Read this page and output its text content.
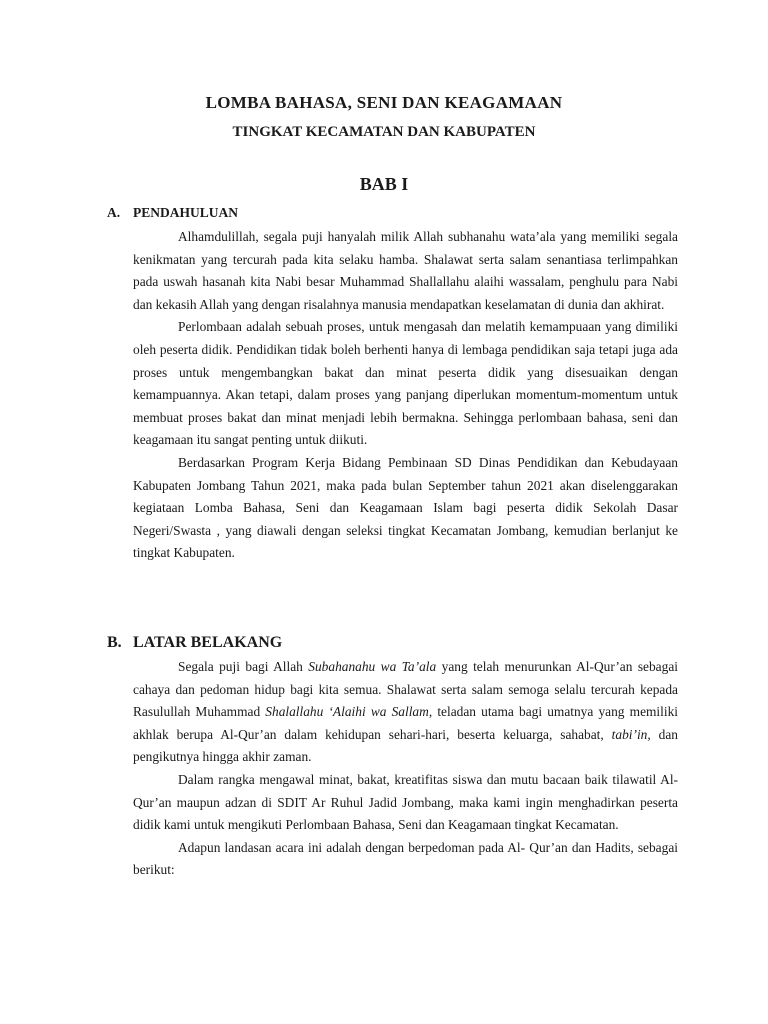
LOMBA BAHASA, SENI DAN KEAGAMAAN
TINGKAT KECAMATAN DAN KABUPATEN
BAB I
A. PENDAHULUAN

Alhamdulillah, segala puji hanyalah milik Allah subhanahu wata’ala yang memiliki segala kenikmatan yang tercurah pada kita selaku hamba. Shalawat serta salam senantiasa terlimpahkan pada uswah hasanah kita Nabi besar Muhammad Shallallahu alaihi wassalam, penghulu para Nabi dan kekasih Allah yang dengan risalahnya manusia mendapatkan keselamatan di dunia dan akhirat.

Perlombaan adalah sebuah proses, untuk mengasah dan melatih kemampuaan yang dimiliki oleh peserta didik. Pendidikan tidak boleh berhenti hanya di lembaga pendidikan saja tetapi juga ada proses untuk mengembangkan bakat dan minat peserta didik yang disesuaikan dengan kemampuannya. Akan tetapi, dalam proses yang panjang diperlukan momentum-momentum untuk membuat proses bakat dan minat menjadi lebih bermakna. Sehingga perlombaan bahasa, seni dan keagamaan itu sangat penting untuk diikuti.

Berdasarkan Program Kerja Bidang Pembinaan SD Dinas Pendidikan dan Kebudayaan Kabupaten Jombang Tahun 2021, maka pada bulan September tahun 2021 akan diselenggarakan kegiataan Lomba Bahasa, Seni dan Keagamaan Islam bagi peserta didik Sekolah Dasar Negeri/Swasta , yang diawali dengan seleksi tingkat Kecamatan Jombang, kemudian berlanjut ke tingkat Kabupaten.

B. LATAR BELAKANG

Segala puji bagi Allah Subahanahu wa Ta’ala yang telah menurunkan Al-Qur’an sebagai cahaya dan pedoman hidup bagi kita semua. Shalawat serta salam semoga selalu tercurah kepada Rasulullah Muhammad Shalallahu ‘Alaihi wa Sallam, teladan utama bagi umatnya yang memiliki akhlak berupa Al-Qur’an dalam kehidupan sehari-hari, beserta keluarga, sahabat, tabi’in, dan pengikutnya hingga akhir zaman.

Dalam rangka mengawal minat, bakat, kreatifitas siswa dan mutu bacaan baik tilawatil Al- Qur’an maupun adzan di SDIT Ar Ruhul Jadid Jombang, maka kami ingin menghadirkan peserta didik kami untuk mengikuti Perlombaan Bahasa, Seni dan Keagamaan tingkat Kecamatan.

Adapun landasan acara ini adalah dengan berpedoman pada Al- Qur’an dan Hadits, sebagai berikut:
